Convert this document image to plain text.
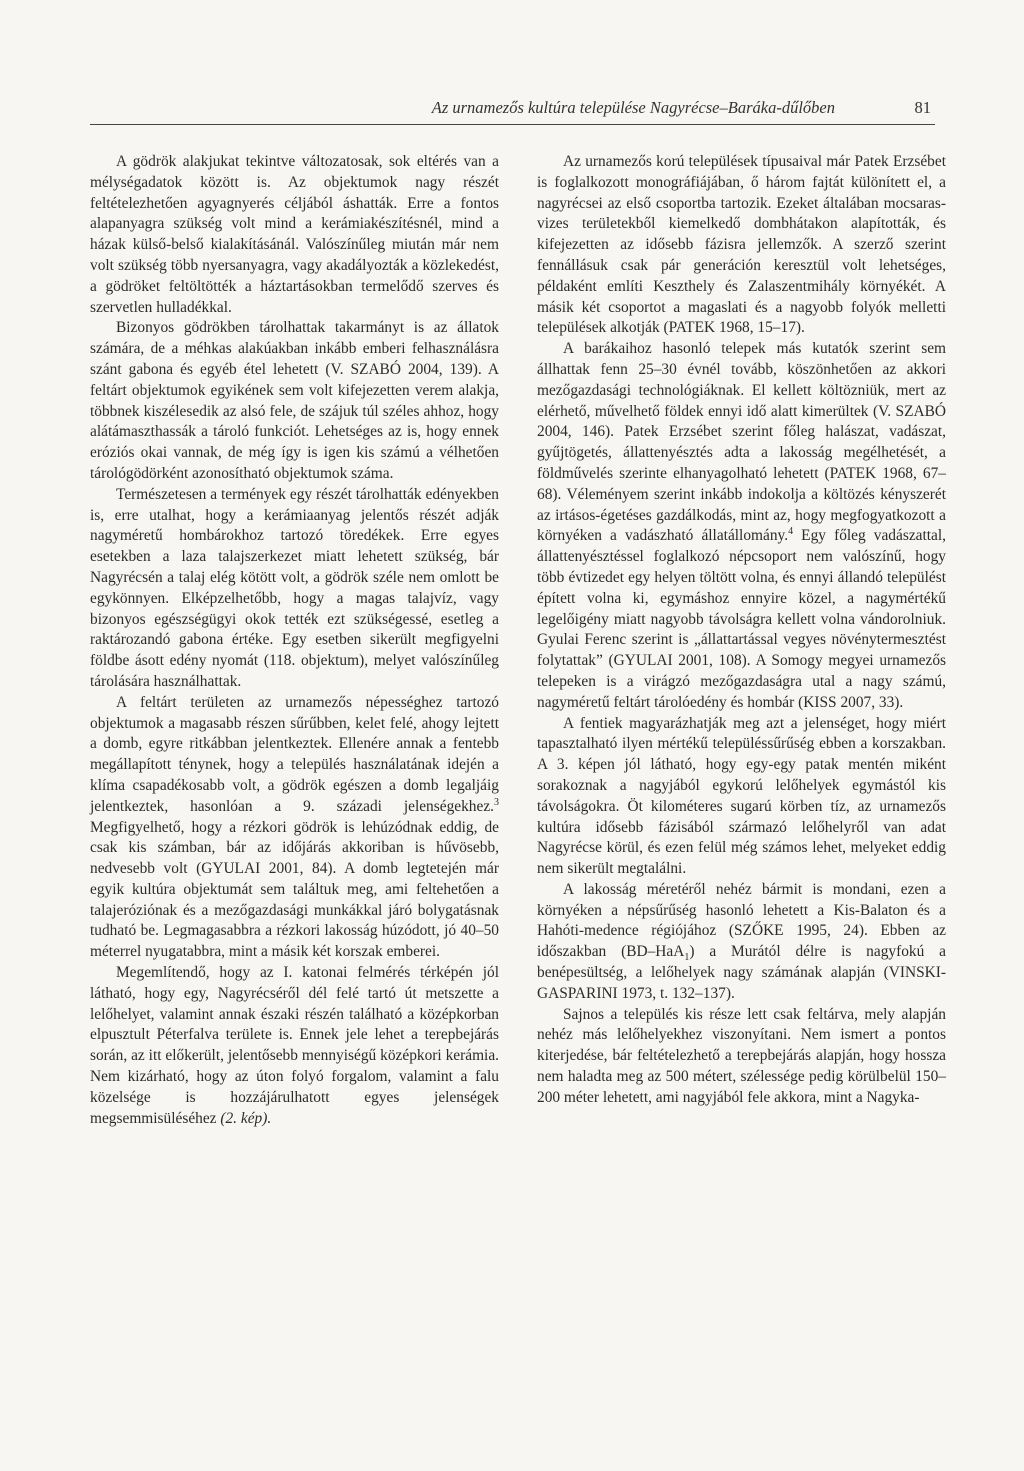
Az urnamezős kultúra települése Nagyrécse–Baráka-dűlőben	81

A gödrök alakjukat tekintve változatosak, sok eltérés van a mélységadatok között is. Az objektumok nagy részét feltételezhetően agyagnyerés céljából áshatták. Erre a fontos alapanyagra szükség volt mind a kerámiakészítésnél, mind a házak külső-belső kialakításánál. Valószínűleg miután már nem volt szükség több nyersanyagra, vagy akadályozták a közlekedést, a gödröket feltöltötték a háztartásokban termelődő szerves és szervetlen hulladékkal.

Bizonyos gödrökben tárolhattak takarmányt is az állatok számára, de a méhkas alakúakban inkább emberi felhasználásra szánt gabona és egyéb étel lehetett (V. SZABÓ 2004, 139). A feltárt objektumok egyikének sem volt kifejezetten verem alakja, többnek kiszélesedik az alsó fele, de szájuk túl széles ahhoz, hogy alátámaszthassák a tároló funkciót. Lehetséges az is, hogy ennek eróziós okai vannak, de még így is igen kis számú a vélhetően tárológödörként azonosítható objektumok száma.

Természetesen a termények egy részét tárolhatták edényekben is, erre utalhat, hogy a kerámiaanyag jelentős részét adják nagyméretű hombárokhoz tartozó töredékek. Erre egyes esetekben a laza talajszerkezet miatt lehetett szükség, bár Nagyrécsén a talaj elég kötött volt, a gödrök széle nem omlott be egykönnyen. Elképzelhetőbb, hogy a magas talajvíz, vagy bizonyos egészségügyi okok tették ezt szükségessé, esetleg a raktározandó gabona értéke. Egy esetben sikerült megfigyelni földbe ásott edény nyomát (118. objektum), melyet valószínűleg tárolására használhattak.

A feltárt területen az urnamezős népességhez tartozó objektumok a magasabb részen sűrűbben, kelet felé, ahogy lejtett a domb, egyre ritkábban jelentkeztek. Ellenére annak a fentebb megállapított ténynek, hogy a település használatának idején a klíma csapadékosabb volt, a gödrök egészen a domb legaljáig jelentkeztek, hasonlóan a 9. századi jelenségekhez.$^3$ Megfigyelhető, hogy a rézkori gödrök is lehúzódnak eddig, de csak kis számban, bár az időjárás akkoriban is hűvösebb, nedvesebb volt (GYULAI 2001, 84). A domb legtetején már egyik kultúra objektumát sem találtuk meg, ami feltehetően a talajeróziónak és a mezőgazdasági munkákkal járó bolygatásnak tudható be. Legmagasabbra a rézkori lakosság húzódott, jó 40–50 méterrel nyugatabbra, mint a másik két korszak emberei.

Megemlítendő, hogy az I. katonai felmérés térképén jól látható, hogy egy, Nagyrécséről dél felé tartó út metszette a lelőhelyet, valamint annak északi részén található a középkorban elpusztult Péterfalva területe is. Ennek jele lehet a terepbejárás során, az itt előkerült, jelentősebb mennyiségű középkori kerámia. Nem kizárható, hogy az úton folyó forgalom, valamint a falu közelsége is hozzájárulhatott egyes jelenségek megsemmisüléséhez (2. kép).

Az urnamezős korú települések típusaival már Patek Erzsébet is foglalkozott monográfiájában, ő három fajtát különített el, a nagyrécsei az első csoportba tartozik. Ezeket általában mocsaras-vizes területekből kiemelkedő dombhátakon alapították, és kifejezetten az idősebb fázisra jellemzők. A szerző szerint fennállásuk csak pár generáción keresztül volt lehetséges, példaként említi Keszthely és Zalaszentmihály környékét. A másik két csoportot a magaslati és a nagyobb folyók melletti települések alkotják (PATEK 1968, 15–17).

A barákaihoz hasonló telepek más kutatók szerint sem állhattak fenn 25–30 évnél tovább, köszönhetően az akkori mezőgazdasági technológiáknak. El kellett költözniük, mert az elérhető, művelhető földek ennyi idő alatt kimerültek (V. SZABÓ 2004, 146). Patek Erzsébet szerint főleg halászat, vadászat, gyűjtögetés, állattenyésztés adta a lakosság megélhetését, a földművelés szerinte elhanyagolható lehetett (PATEK 1968, 67–68). Véleményem szerint inkább indokolja a költözés kényszerét az irtásos-égetéses gazdálkodás, mint az, hogy megfogyatkozott a környéken a vadászható állatállomány.$^4$ Egy főleg vadászattal, állattenyésztéssel foglalkozó népcsoport nem valószínű, hogy több évtizedet egy helyen töltött volna, és ennyi állandó települést épített volna ki, egymáshoz ennyire közel, a nagymértékű legelőigény miatt nagyobb távolságra kellett volna vándorolniuk. Gyulai Ferenc szerint is „állattartással vegyes növénytermesztést folytattak” (GYULAI 2001, 108). A Somogy megyei urnamezős telepeken is a virágzó mezőgazdaságra utal a nagy számú, nagyméretű feltárt tárolóedény és hombár (KISS 2007, 33).

A fentiek magyarázhatják meg azt a jelenséget, hogy miért tapasztalható ilyen mértékű településsűrűség ebben a korszakban. A 3. képen jól látható, hogy egy-egy patak mentén miként sorakoznak a nagyjából egykorú lelőhelyek egymástól kis távolságokra. Öt kilométeres sugarú körben tíz, az urnamezős kultúra idősebb fázisából származó lelőhelyről van adat Nagyrécse körül, és ezen felül még számos lehet, melyeket eddig nem sikerült megtalálni.

A lakosság méretéről nehéz bármit is mondani, ezen a környéken a népsűrűség hasonló lehetett a Kis-Balaton és a Hahóti-medence régiójához (SZŐKE 1995, 24). Ebben az időszakban (BD–HaA$_1$) a Murától délre is nagyfokú a benépesültség, a lelőhelyek nagy számának alapján (VINSKI-GASPARINI 1973, t. 132–137).

Sajnos a település kis része lett csak feltárva, mely alapján nehéz más lelőhelyekhez viszonyítani. Nem ismert a pontos kiterjedése, bár feltételezhető a terepbejárás alapján, hogy hossza nem haladta meg az 500 métert, szélessége pedig körülbelül 150–200 méter lehetett, ami nagyjából fele akkora, mint a Nagyka-
